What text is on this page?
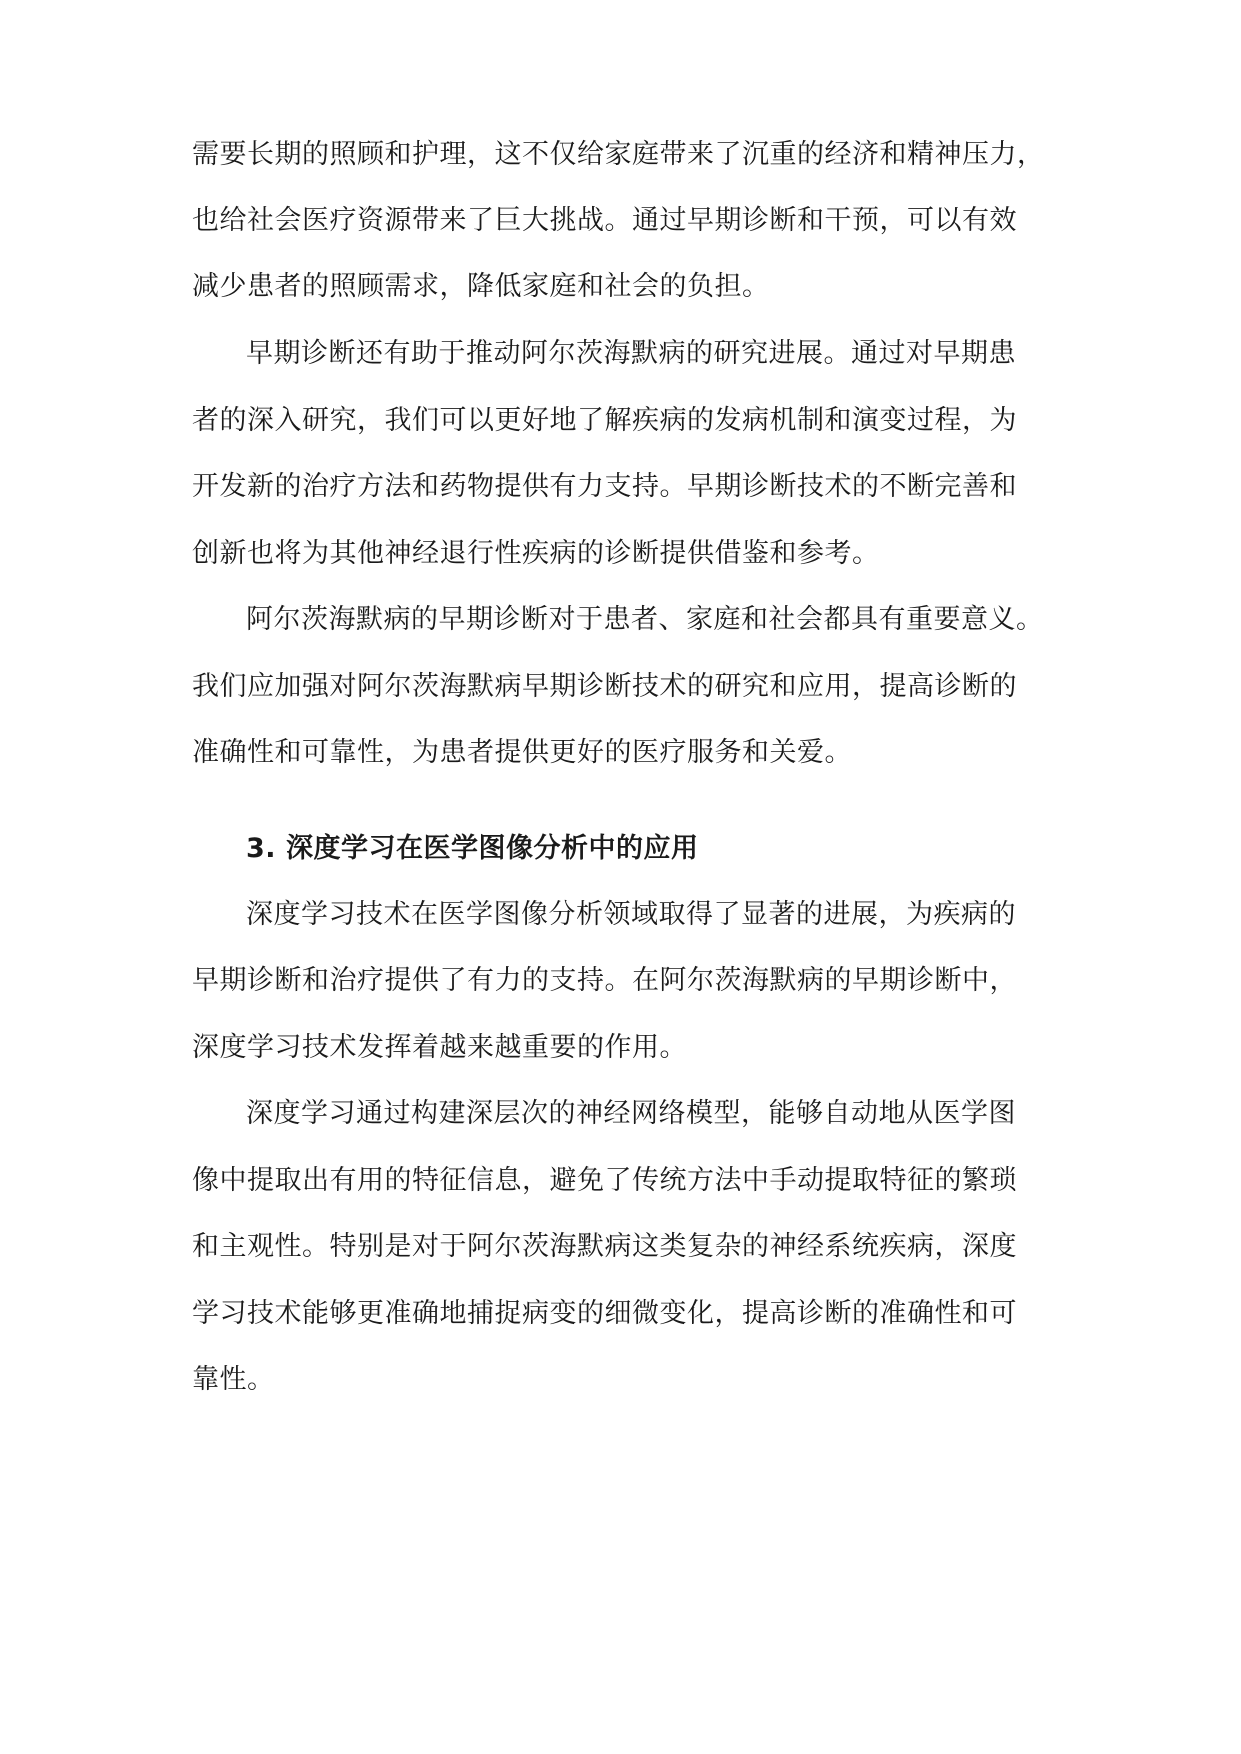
需要长期的照顾和护理，这不仅给家庭带来了沉重的经济和精神压力，
也给社会医疗资源带来了巨大挑战。通过早期诊断和干预，可以有效
减少患者的照顾需求，降低家庭和社会的负担。
早期诊断还有助于推动阿尔茨海默病的研究进展。通过对早期患
者的深入研究，我们可以更好地了解疾病的发病机制和演变过程，为
开发新的治疗方法和药物提供有力支持。早期诊断技术的不断完善和
创新也将为其他神经退行性疾病的诊断提供借鉴和参考。
阿尔茨海默病的早期诊断对于患者、家庭和社会都具有重要意义。
我们应加强对阿尔茨海默病早期诊断技术的研究和应用，提高诊断的
准确性和可靠性，为患者提供更好的医疗服务和关爱。
3. 深度学习在医学图像分析中的应用
深度学习技术在医学图像分析领域取得了显著的进展，为疾病的
早期诊断和治疗提供了有力的支持。在阿尔茨海默病的早期诊断中，
深度学习技术发挥着越来越重要的作用。
深度学习通过构建深层次的神经网络模型，能够自动地从医学图
像中提取出有用的特征信息，避免了传统方法中手动提取特征的繁琐
和主观性。特别是对于阿尔茨海默病这类复杂的神经系统疾病，深度
学习技术能够更准确地捕捉病变的细微变化，提高诊断的准确性和可
靠性。
